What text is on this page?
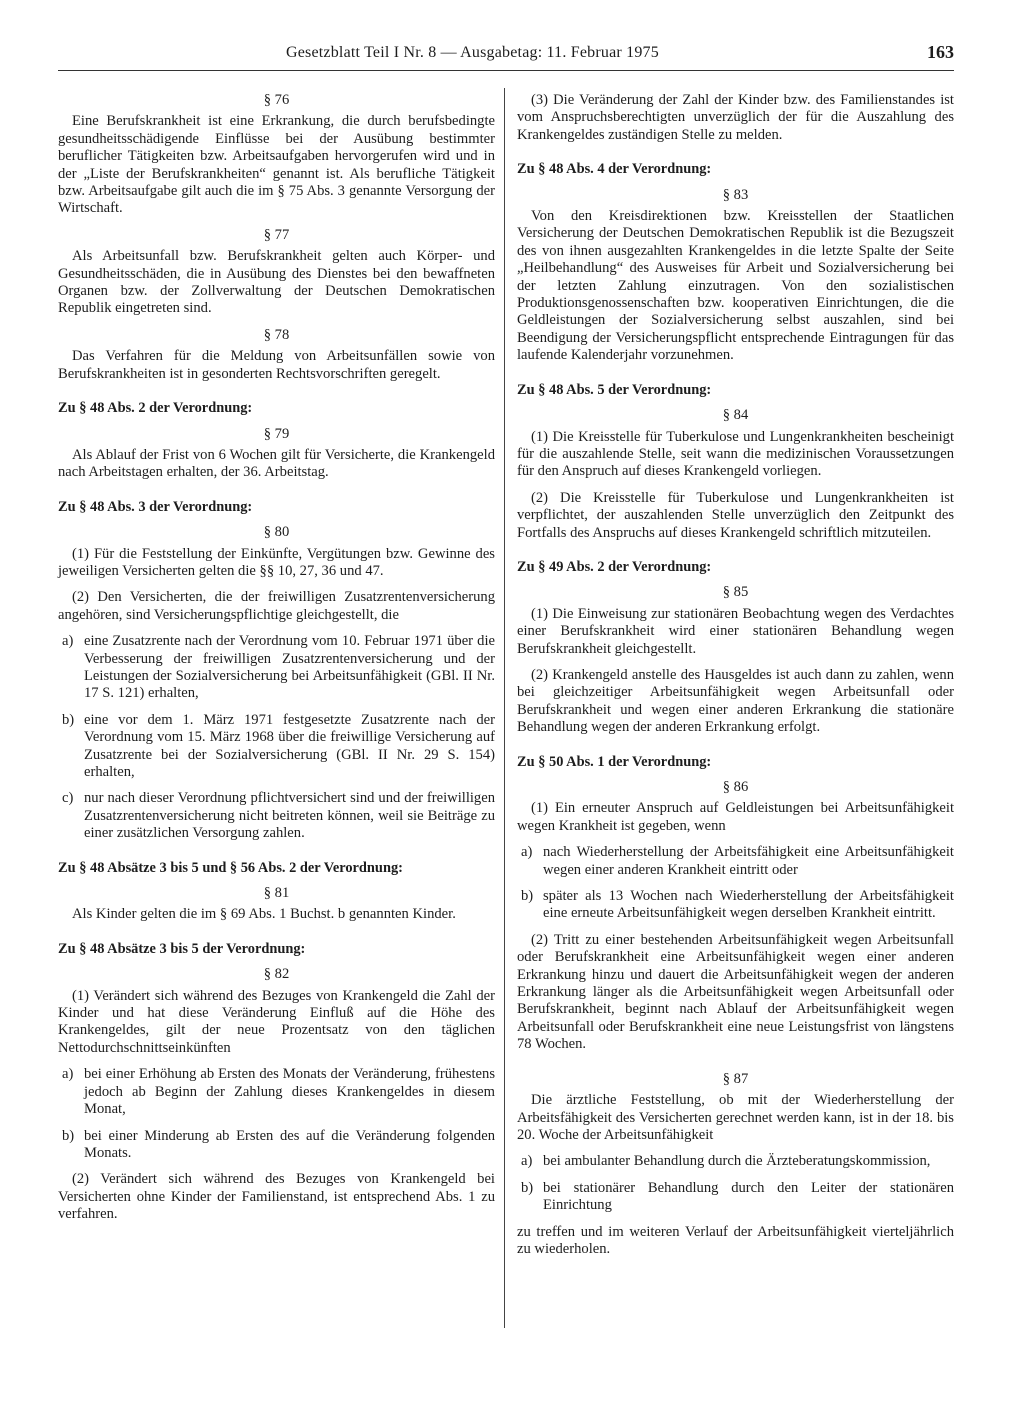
Gesetzblatt Teil I Nr. 8 — Ausgabetag: 11. Februar 1975	163
§ 76
Eine Berufskrankheit ist eine Erkrankung, die durch berufsbedingte gesundheitsschädigende Einflüsse bei der Ausübung bestimmter beruflicher Tätigkeiten bzw. Arbeitsaufgaben hervorgerufen wird und in der „Liste der Berufskrankheiten“ genannt ist. Als berufliche Tätigkeit bzw. Arbeitsaufgabe gilt auch die im § 75 Abs. 3 genannte Versorgung der Wirtschaft.
§ 77
Als Arbeitsunfall bzw. Berufskrankheit gelten auch Körper- und Gesundheitsschäden, die in Ausübung des Dienstes bei den bewaffneten Organen bzw. der Zollverwaltung der Deutschen Demokratischen Republik eingetreten sind.
§ 78
Das Verfahren für die Meldung von Arbeitsunfällen sowie von Berufskrankheiten ist in gesonderten Rechtsvorschriften geregelt.
Zu § 48 Abs. 2 der Verordnung:
§ 79
Als Ablauf der Frist von 6 Wochen gilt für Versicherte, die Krankengeld nach Arbeitstagen erhalten, der 36. Arbeitstag.
Zu § 48 Abs. 3 der Verordnung:
§ 80
(1) Für die Feststellung der Einkünfte, Vergütungen bzw. Gewinne des jeweiligen Versicherten gelten die §§ 10, 27, 36 und 47.
(2) Den Versicherten, die der freiwilligen Zusatzrentenversicherung angehören, sind Versicherungspflichtige gleichgestellt, die
a) eine Zusatzrente nach der Verordnung vom 10. Februar 1971 über die Verbesserung der freiwilligen Zusatzrentenversicherung und der Leistungen der Sozialversicherung bei Arbeitsunfähigkeit (GBl. II Nr. 17 S. 121) erhalten,
b) eine vor dem 1. März 1971 festgesetzte Zusatzrente nach der Verordnung vom 15. März 1968 über die freiwillige Versicherung auf Zusatzrente bei der Sozialversicherung (GBl. II Nr. 29 S. 154) erhalten,
c) nur nach dieser Verordnung pflichtversichert sind und der freiwilligen Zusatzrentenversicherung nicht beitreten können, weil sie Beiträge zu einer zusätzlichen Versorgung zahlen.
Zu § 48 Absätze 3 bis 5 und § 56 Abs. 2 der Verordnung:
§ 81
Als Kinder gelten die im § 69 Abs. 1 Buchst. b genannten Kinder.
Zu § 48 Absätze 3 bis 5 der Verordnung:
§ 82
(1) Verändert sich während des Bezuges von Krankengeld die Zahl der Kinder und hat diese Veränderung Einfluß auf die Höhe des Krankengeldes, gilt der neue Prozentsatz von den täglichen Nettodurchschnittseinkünften
a) bei einer Erhöhung ab Ersten des Monats der Veränderung, frühestens jedoch ab Beginn der Zahlung dieses Krankengeldes in diesem Monat,
b) bei einer Minderung ab Ersten des auf die Veränderung folgenden Monats.
(2) Verändert sich während des Bezuges von Krankengeld bei Versicherten ohne Kinder der Familienstand, ist entsprechend Abs. 1 zu verfahren.
(3) Die Veränderung der Zahl der Kinder bzw. des Familienstandes ist vom Anspruchsberechtigten unverzüglich der für die Auszahlung des Krankengeldes zuständigen Stelle zu melden.
Zu § 48 Abs. 4 der Verordnung:
§ 83
Von den Kreisdirektionen bzw. Kreisstellen der Staatlichen Versicherung der Deutschen Demokratischen Republik ist die Bezugszeit des von ihnen ausgezahlten Krankengeldes in die letzte Spalte der Seite „Heilbehandlung“ des Ausweises für Arbeit und Sozialversicherung bei der letzten Zahlung einzutragen. Von den sozialistischen Produktionsgenossenschaften bzw. kooperativen Einrichtungen, die die Geldleistungen der Sozialversicherung selbst auszahlen, sind bei Beendigung der Versicherungspflicht entsprechende Eintragungen für das laufende Kalenderjahr vorzunehmen.
Zu § 48 Abs. 5 der Verordnung:
§ 84
(1) Die Kreisstelle für Tuberkulose und Lungenkrankheiten bescheinigt für die auszahlende Stelle, seit wann die medizinischen Voraussetzungen für den Anspruch auf dieses Krankengeld vorliegen.
(2) Die Kreisstelle für Tuberkulose und Lungenkrankheiten ist verpflichtet, der auszahlenden Stelle unverzüglich den Zeitpunkt des Fortfalls des Anspruchs auf dieses Krankengeld schriftlich mitzuteilen.
Zu § 49 Abs. 2 der Verordnung:
§ 85
(1) Die Einweisung zur stationären Beobachtung wegen des Verdachtes einer Berufskrankheit wird einer stationären Behandlung wegen Berufskrankheit gleichgestellt.
(2) Krankengeld anstelle des Hausgeldes ist auch dann zu zahlen, wenn bei gleichzeitiger Arbeitsunfähigkeit wegen Arbeitsunfall oder Berufskrankheit und wegen einer anderen Erkrankung die stationäre Behandlung wegen der anderen Erkrankung erfolgt.
Zu § 50 Abs. 1 der Verordnung:
§ 86
(1) Ein erneuter Anspruch auf Geldleistungen bei Arbeitsunfähigkeit wegen Krankheit ist gegeben, wenn
a) nach Wiederherstellung der Arbeitsfähigkeit eine Arbeitsunfähigkeit wegen einer anderen Krankheit eintritt oder
b) später als 13 Wochen nach Wiederherstellung der Arbeitsfähigkeit eine erneute Arbeitsunfähigkeit wegen derselben Krankheit eintritt.
(2) Tritt zu einer bestehenden Arbeitsunfähigkeit wegen Arbeitsunfall oder Berufskrankheit eine Arbeitsunfähigkeit wegen einer anderen Erkrankung hinzu und dauert die Arbeitsunfähigkeit wegen der anderen Erkrankung länger als die Arbeitsunfähigkeit wegen Arbeitsunfall oder Berufskrankheit, beginnt nach Ablauf der Arbeitsunfähigkeit wegen Arbeitsunfall oder Berufskrankheit eine neue Leistungsfrist von längstens 78 Wochen.
§ 87
Die ärztliche Feststellung, ob mit der Wiederherstellung der Arbeitsfähigkeit des Versicherten gerechnet werden kann, ist in der 18. bis 20. Woche der Arbeitsunfähigkeit
a) bei ambulanter Behandlung durch die Ärzteberatungskommission,
b) bei stationärer Behandlung durch den Leiter der stationären Einrichtung
zu treffen und im weiteren Verlauf der Arbeitsunfähigkeit vierteljährlich zu wiederholen.
